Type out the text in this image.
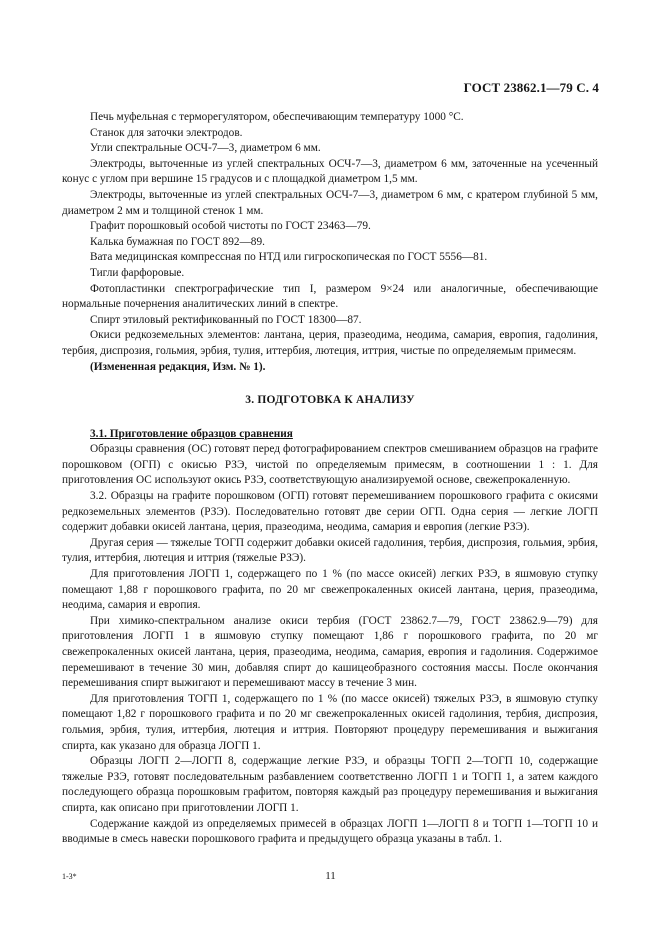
ГОСТ 23862.1—79 С. 4

Печь муфельная с терморегулятором, обеспечивающим температуру 1000 °С.

Станок для заточки электродов.

Угли спектральные ОСЧ-7—3, диаметром 6 мм.

Электроды, выточенные из углей спектральных ОСЧ-7—3, диаметром 6 мм, заточенные на усеченный конус с углом при вершине 15 градусов и с площадкой диаметром 1,5 мм.

Электроды, выточенные из углей спектральных ОСЧ-7—3, диаметром 6 мм, с кратером глубиной 5 мм, диаметром 2 мм и толщиной стенок 1 мм.

Графит порошковый особой чистоты по ГОСТ 23463—79.

Калька бумажная по ГОСТ 892—89.

Вата медицинская компрессная по НТД или гигроскопическая по ГОСТ 5556—81.

Тигли фарфоровые.

Фотопластинки спектрографические тип I, размером 9×24 или аналогичные, обеспечивающие нормальные почернения аналитических линий в спектре.

Спирт этиловый ректификованный по ГОСТ 18300—87.

Окиси редкоземельных элементов: лантана, церия, празеодима, неодима, самария, европия, гадолиния, тербия, диспрозия, гольмия, эрбия, тулия, иттербия, лютеция, иттрия, чистые по определяемым примесям.

(Измененная редакция, Изм. № 1).

3. ПОДГОТОВКА К АНАЛИЗУ

3.1. Приготовление образцов сравнения

Образцы сравнения (ОС) готовят перед фотографированием спектров смешиванием образцов на графите порошковом (ОГП) с окисью РЗЭ, чистой по определяемым примесям, в соотношении 1 : 1. Для приготовления ОС используют окись РЗЭ, соответствующую анализируемой основе, свежепрокаленную.

3.2. Образцы на графите порошковом (ОГП) готовят перемешиванием порошкового графита с окисями редкоземельных элементов (РЗЭ). Последовательно готовят две серии ОГП. Одна серия — легкие ЛОГП содержит добавки окисей лантана, церия, празеодима, неодима, самария и европия (легкие РЗЭ).

Другая серия — тяжелые ТОГП содержит добавки окисей гадолиния, тербия, диспрозия, гольмия, эрбия, тулия, иттербия, лютеция и иттрия (тяжелые РЗЭ).

Для приготовления ЛОГП 1, содержащего по 1 % (по массе окисей) легких РЗЭ, в яшмовую ступку помещают 1,88 г порошкового графита, по 20 мг свежепрокаленных окисей лантана, церия, празеодима, неодима, самария и европия.

При химико-спектральном анализе окиси тербия (ГОСТ 23862.7—79, ГОСТ 23862.9—79) для приготовления ЛОГП 1 в яшмовую ступку помещают 1,86 г порошкового графита, по 20 мг свежепрокаленных окисей лантана, церия, празеодима, неодима, самария, европия и гадолиния. Содержимое перемешивают в течение 30 мин, добавляя спирт до кашицеобразного состояния массы. После окончания перемешивания спирт выжигают и перемешивают массу в течение 3 мин.

Для приготовления ТОГП 1, содержащего по 1 % (по массе окисей) тяжелых РЗЭ, в яшмовую ступку помещают 1,82 г порошкового графита и по 20 мг свежепрокаленных окисей гадолиния, тербия, диспрозия, гольмия, эрбия, тулия, иттербия, лютеция и иттрия. Повторяют процедуру перемешивания и выжигания спирта, как указано для образца ЛОГП 1.

Образцы ЛОГП 2—ЛОГП 8, содержащие легкие РЗЭ, и образцы ТОГП 2—ТОГП 10, содержащие тяжелые РЗЭ, готовят последовательным разбавлением соответственно ЛОГП 1 и ТОГП 1, а затем каждого последующего образца порошковым графитом, повторяя каждый раз процедуру перемешивания и выжигания спирта, как описано при приготовлении ЛОГП 1.

Содержание каждой из определяемых примесей в образцах ЛОГП 1—ЛОГП 8 и ТОГП 1—ТОГП 10 и вводимые в смесь навески порошкового графита и предыдущего образца указаны в табл. 1.

1-3*	11
